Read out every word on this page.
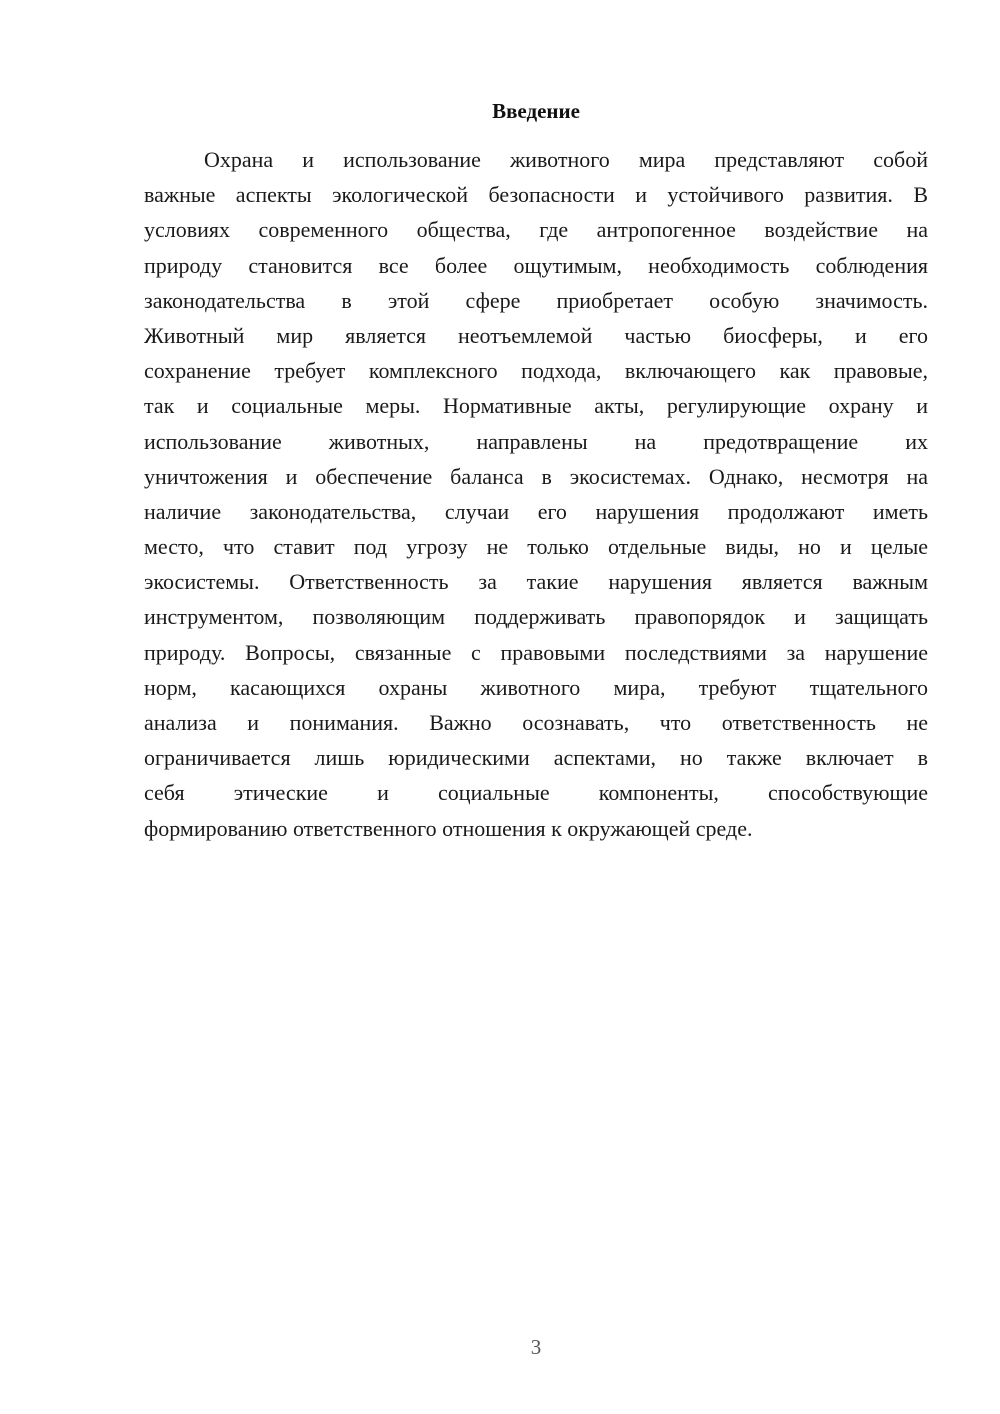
Введение
Охрана и использование животного мира представляют собой
важные аспекты экологической безопасности и устойчивого развития. В
условиях современного общества, где антропогенное воздействие на
природу становится все более ощутимым, необходимость соблюдения
законодательства в этой сфере приобретает особую значимость.
Животный мир является неотъемлемой частью биосферы, и его
сохранение требует комплексного подхода, включающего как правовые,
так и социальные меры. Нормативные акты, регулирующие охрану и
использование животных, направлены на предотвращение их
уничтожения и обеспечение баланса в экосистемах. Однако, несмотря на
наличие законодательства, случаи его нарушения продолжают иметь
место, что ставит под угрозу не только отдельные виды, но и целые
экосистемы. Ответственность за такие нарушения является важным
инструментом, позволяющим поддерживать правопорядок и защищать
природу. Вопросы, связанные с правовыми последствиями за нарушение
норм, касающихся охраны животного мира, требуют тщательного
анализа и понимания. Важно осознавать, что ответственность не
ограничивается лишь юридическими аспектами, но также включает в
себя этические и социальные компоненты, способствующие
формированию ответственного отношения к окружающей среде.
3
